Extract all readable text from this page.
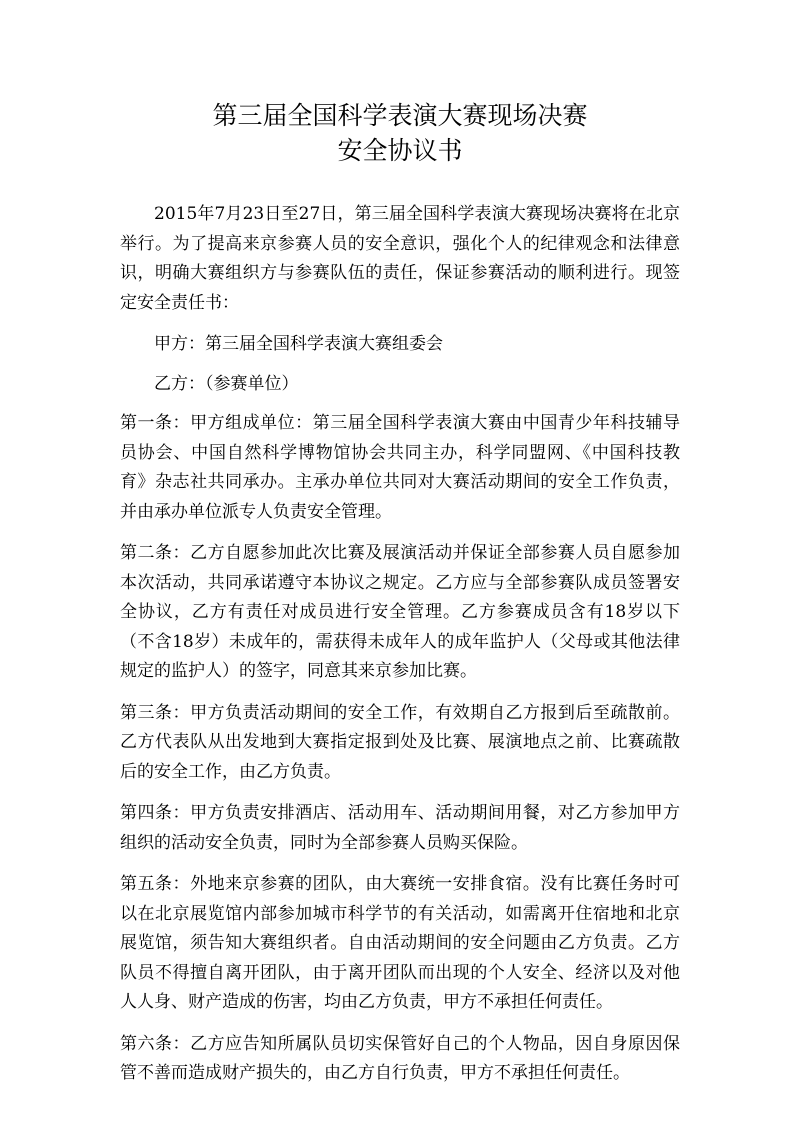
第三届全国科学表演大赛现场决赛
安全协议书

2015年7月23日至27日，第三届全国科学表演大赛现场决赛将在北京举行。为了提高来京参赛人员的安全意识，强化个人的纪律观念和法律意识，明确大赛组织方与参赛队伍的责任，保证参赛活动的顺利进行。现签定安全责任书：

甲方：第三届全国科学表演大赛组委会

乙方：（参赛单位）

第一条：甲方组成单位：第三届全国科学表演大赛由中国青少年科技辅导员协会、中国自然科学博物馆协会共同主办，科学同盟网、《中国科技教育》杂志社共同承办。主承办单位共同对大赛活动期间的安全工作负责，并由承办单位派专人负责安全管理。

第二条：乙方自愿参加此次比赛及展演活动并保证全部参赛人员自愿参加本次活动，共同承诺遵守本协议之规定。乙方应与全部参赛队成员签署安全协议，乙方有责任对成员进行安全管理。乙方参赛成员含有18岁以下（不含18岁）未成年的，需获得未成年人的成年监护人（父母或其他法律规定的监护人）的签字，同意其来京参加比赛。

第三条：甲方负责活动期间的安全工作，有效期自乙方报到后至疏散前。乙方代表队从出发地到大赛指定报到处及比赛、展演地点之前、比赛疏散后的安全工作，由乙方负责。

第四条：甲方负责安排酒店、活动用车、活动期间用餐，对乙方参加甲方组织的活动安全负责，同时为全部参赛人员购买保险。

第五条：外地来京参赛的团队，由大赛统一安排食宿。没有比赛任务时可以在北京展览馆内部参加城市科学节的有关活动，如需离开住宿地和北京展览馆，须告知大赛组织者。自由活动期间的安全问题由乙方负责。乙方队员不得擅自离开团队，由于离开团队而出现的个人安全、经济以及对他人人身、财产造成的伤害，均由乙方负责，甲方不承担任何责任。

第六条：乙方应告知所属队员切实保管好自己的个人物品，因自身原因保管不善而造成财产损失的，由乙方自行负责，甲方不承担任何责任。
